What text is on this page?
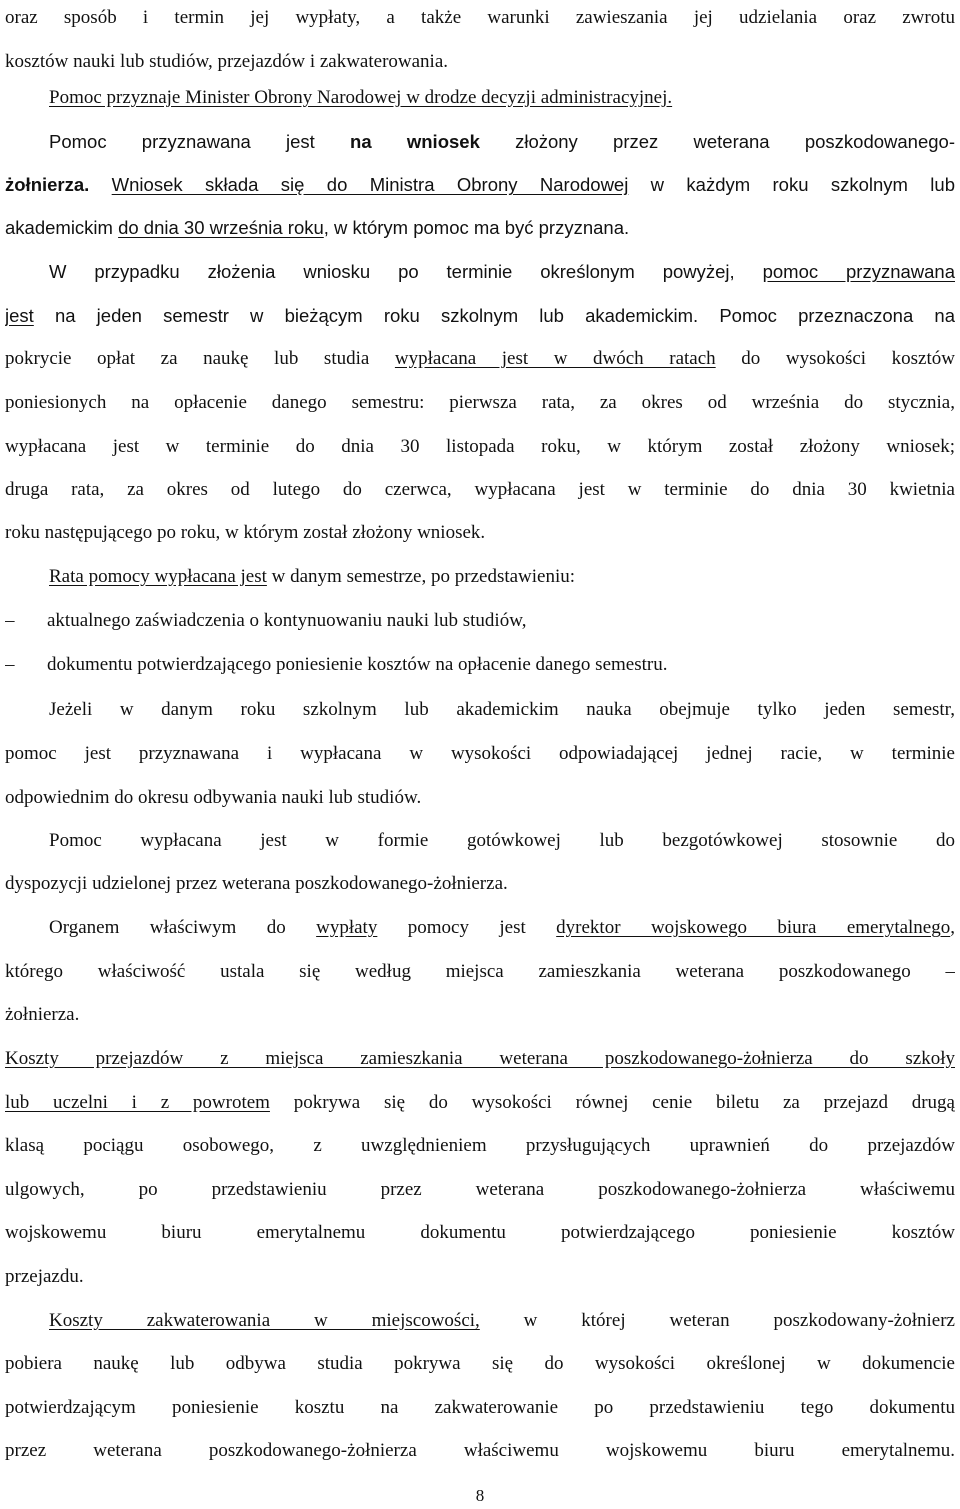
oraz sposób i termin jej wypłaty, a także warunki zawieszania jej udzielania oraz zwrotu
kosztów nauki lub studiów, przejazdów i zakwaterowania.
Pomoc przyznaje Minister Obrony Narodowej w drodze decyzji administracyjnej.
Pomoc przyznawana jest na wniosek złożony przez weterana poszkodowanego-
żołnierza. Wniosek składa się do Ministra Obrony Narodowej w każdym roku szkolnym lub
akademickim do dnia 30 września roku, w którym pomoc ma być przyznana.
W przypadku złożenia wniosku po terminie określonym powyżej, pomoc przyznawana
jest na jeden semestr w bieżącym roku szkolnym lub akademickim. Pomoc przeznaczona na
pokrycie opłat za naukę lub studia wypłacana jest w dwóch ratach do wysokości kosztów
poniesionych na opłacenie danego semestru: pierwsza rata, za okres od września do stycznia,
wypłacana jest w terminie do dnia 30 listopada roku, w którym został złożony wniosek;
druga rata, za okres od lutego do czerwca, wypłacana jest w terminie do dnia 30 kwietnia
roku następującego po roku, w którym został złożony wniosek.
Rata pomocy wypłacana jest w danym semestrze, po przedstawieniu:
– aktualnego zaświadczenia o kontynuowaniu nauki lub studiów,
– dokumentu potwierdzającego poniesienie kosztów na opłacenie danego semestru.
Jeżeli w danym roku szkolnym lub akademickim nauka obejmuje tylko jeden semestr,
pomoc jest przyznawana i wypłacana w wysokości odpowiadającej jednej racie, w terminie
odpowiednim do okresu odbywania nauki lub studiów.
Pomoc wypłacana jest w formie gotówkowej lub bezgotówkowej stosownie do
dyspozycji udzielonej przez weterana poszkodowanego-żołnierza.
Organem właściwym do wypłaty pomocy jest dyrektor wojskowego biura emerytalnego,
którego właściwość ustala się według miejsca zamieszkania weterana poszkodowanego –
żołnierza.
Koszty przejazdów z miejsca zamieszkania weterana poszkodowanego-żołnierza do szkoły
lub uczelni i z powrotem pokrywa się do wysokości równej cenie biletu za przejazd drugą
klasą pociągu osobowego, z uwzględnieniem przysługujących uprawnień do przejazdów
ulgowych, po przedstawieniu przez weterana poszkodowanego-żołnierza właściwemu
wojskowemu biuru emerytalnemu dokumentu potwierdzającego poniesienie kosztów
przejazdu.
Koszty zakwaterowania w miejscowości, w której weteran poszkodowany-żołnierz
pobiera naukę lub odbywa studia pokrywa się do wysokości określonej w dokumencie
potwierdzającym poniesienie kosztu na zakwaterowanie po przedstawieniu tego dokumentu
przez weterana poszkodowanego-żołnierza właściwemu wojskowemu biuru emerytalnemu.
8
